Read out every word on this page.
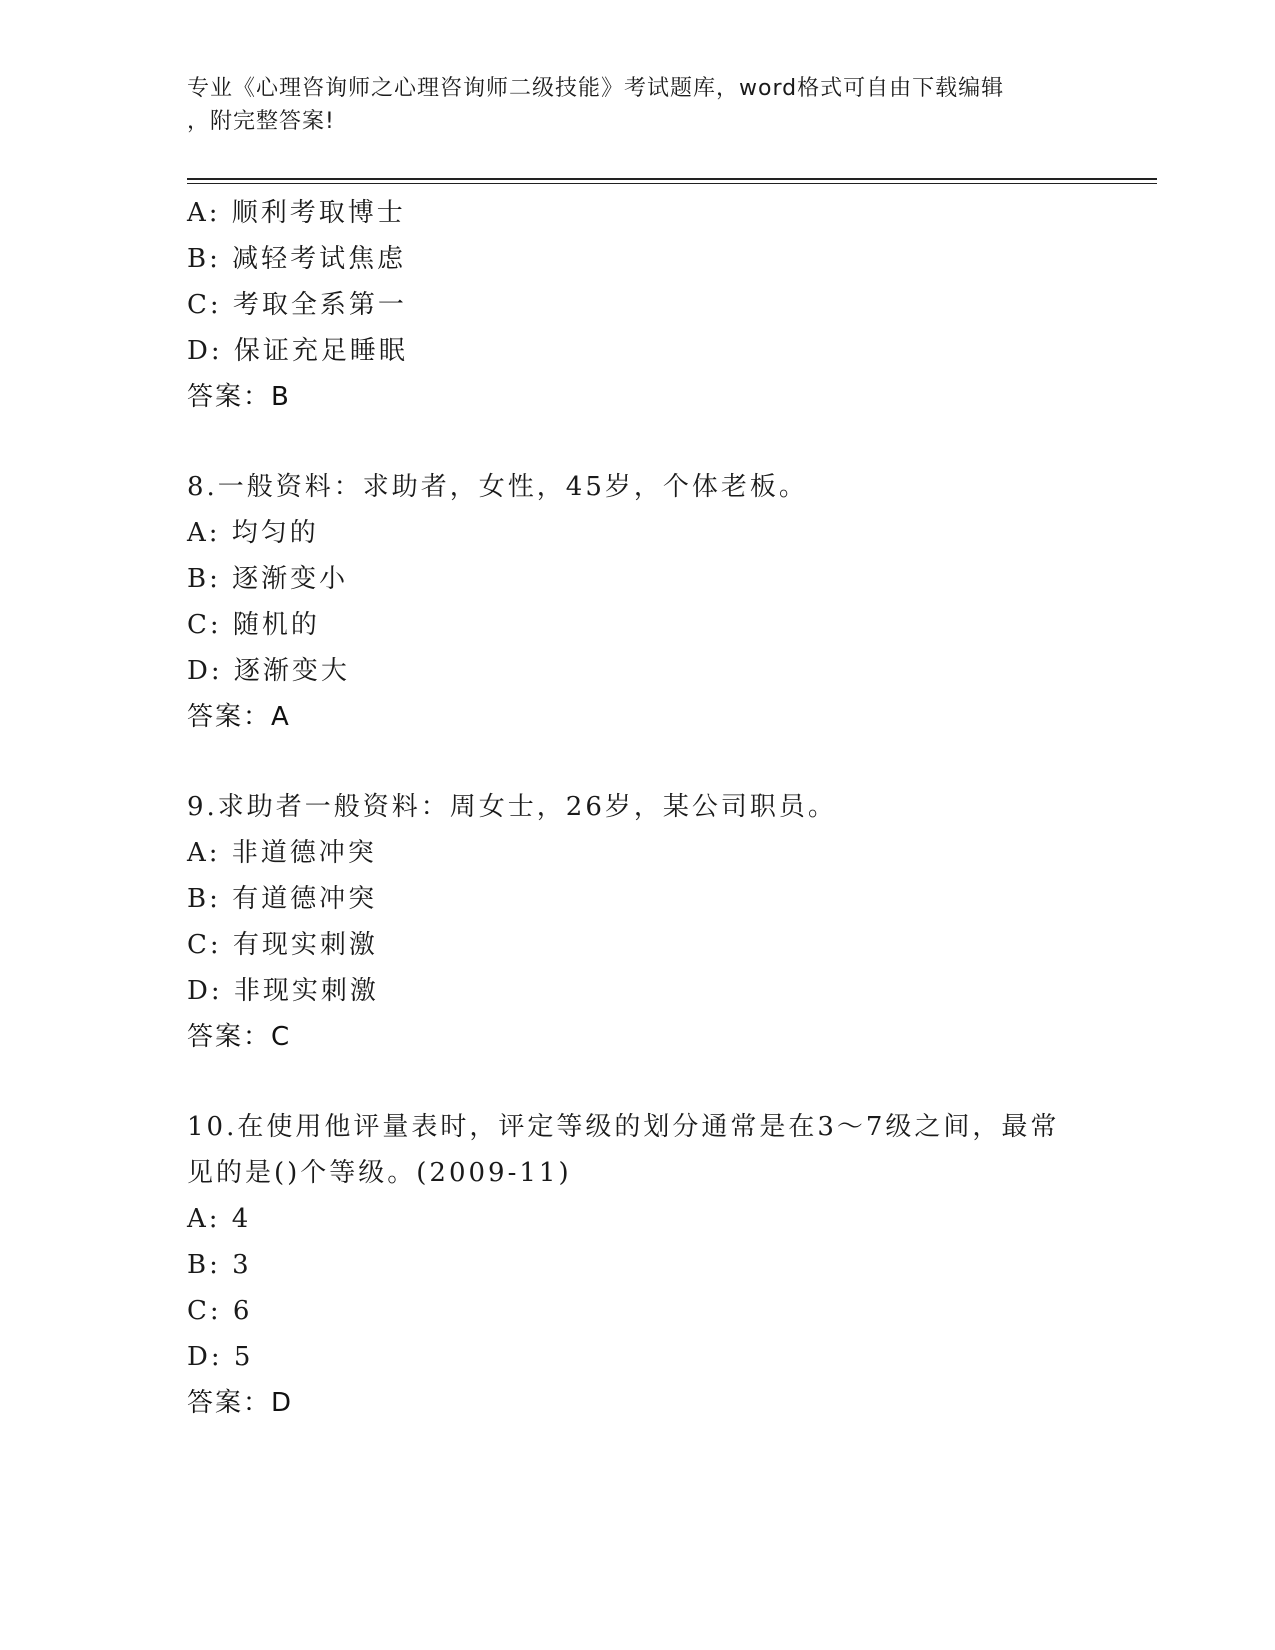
专业《心理咨询师之心理咨询师二级技能》考试题库，word格式可自由下载编辑
，附完整答案!
A: 顺利考取博士
B: 减轻考试焦虑
C: 考取全系第一
D: 保证充足睡眠
答案：B
8.一般资料：求助者，女性，45岁，个体老板。
A: 均匀的
B: 逐渐变小
C: 随机的
D: 逐渐变大
答案：A
9.求助者一般资料：周女士，26岁，某公司职员。
A: 非道德冲突
B: 有道德冲突
C: 有现实刺激
D: 非现实刺激
答案：C
10.在使用他评量表时，评定等级的划分通常是在3～7级之间，最常
见的是()个等级。(2009-11)
A: 4
B: 3
C: 6
D: 5
答案：D
